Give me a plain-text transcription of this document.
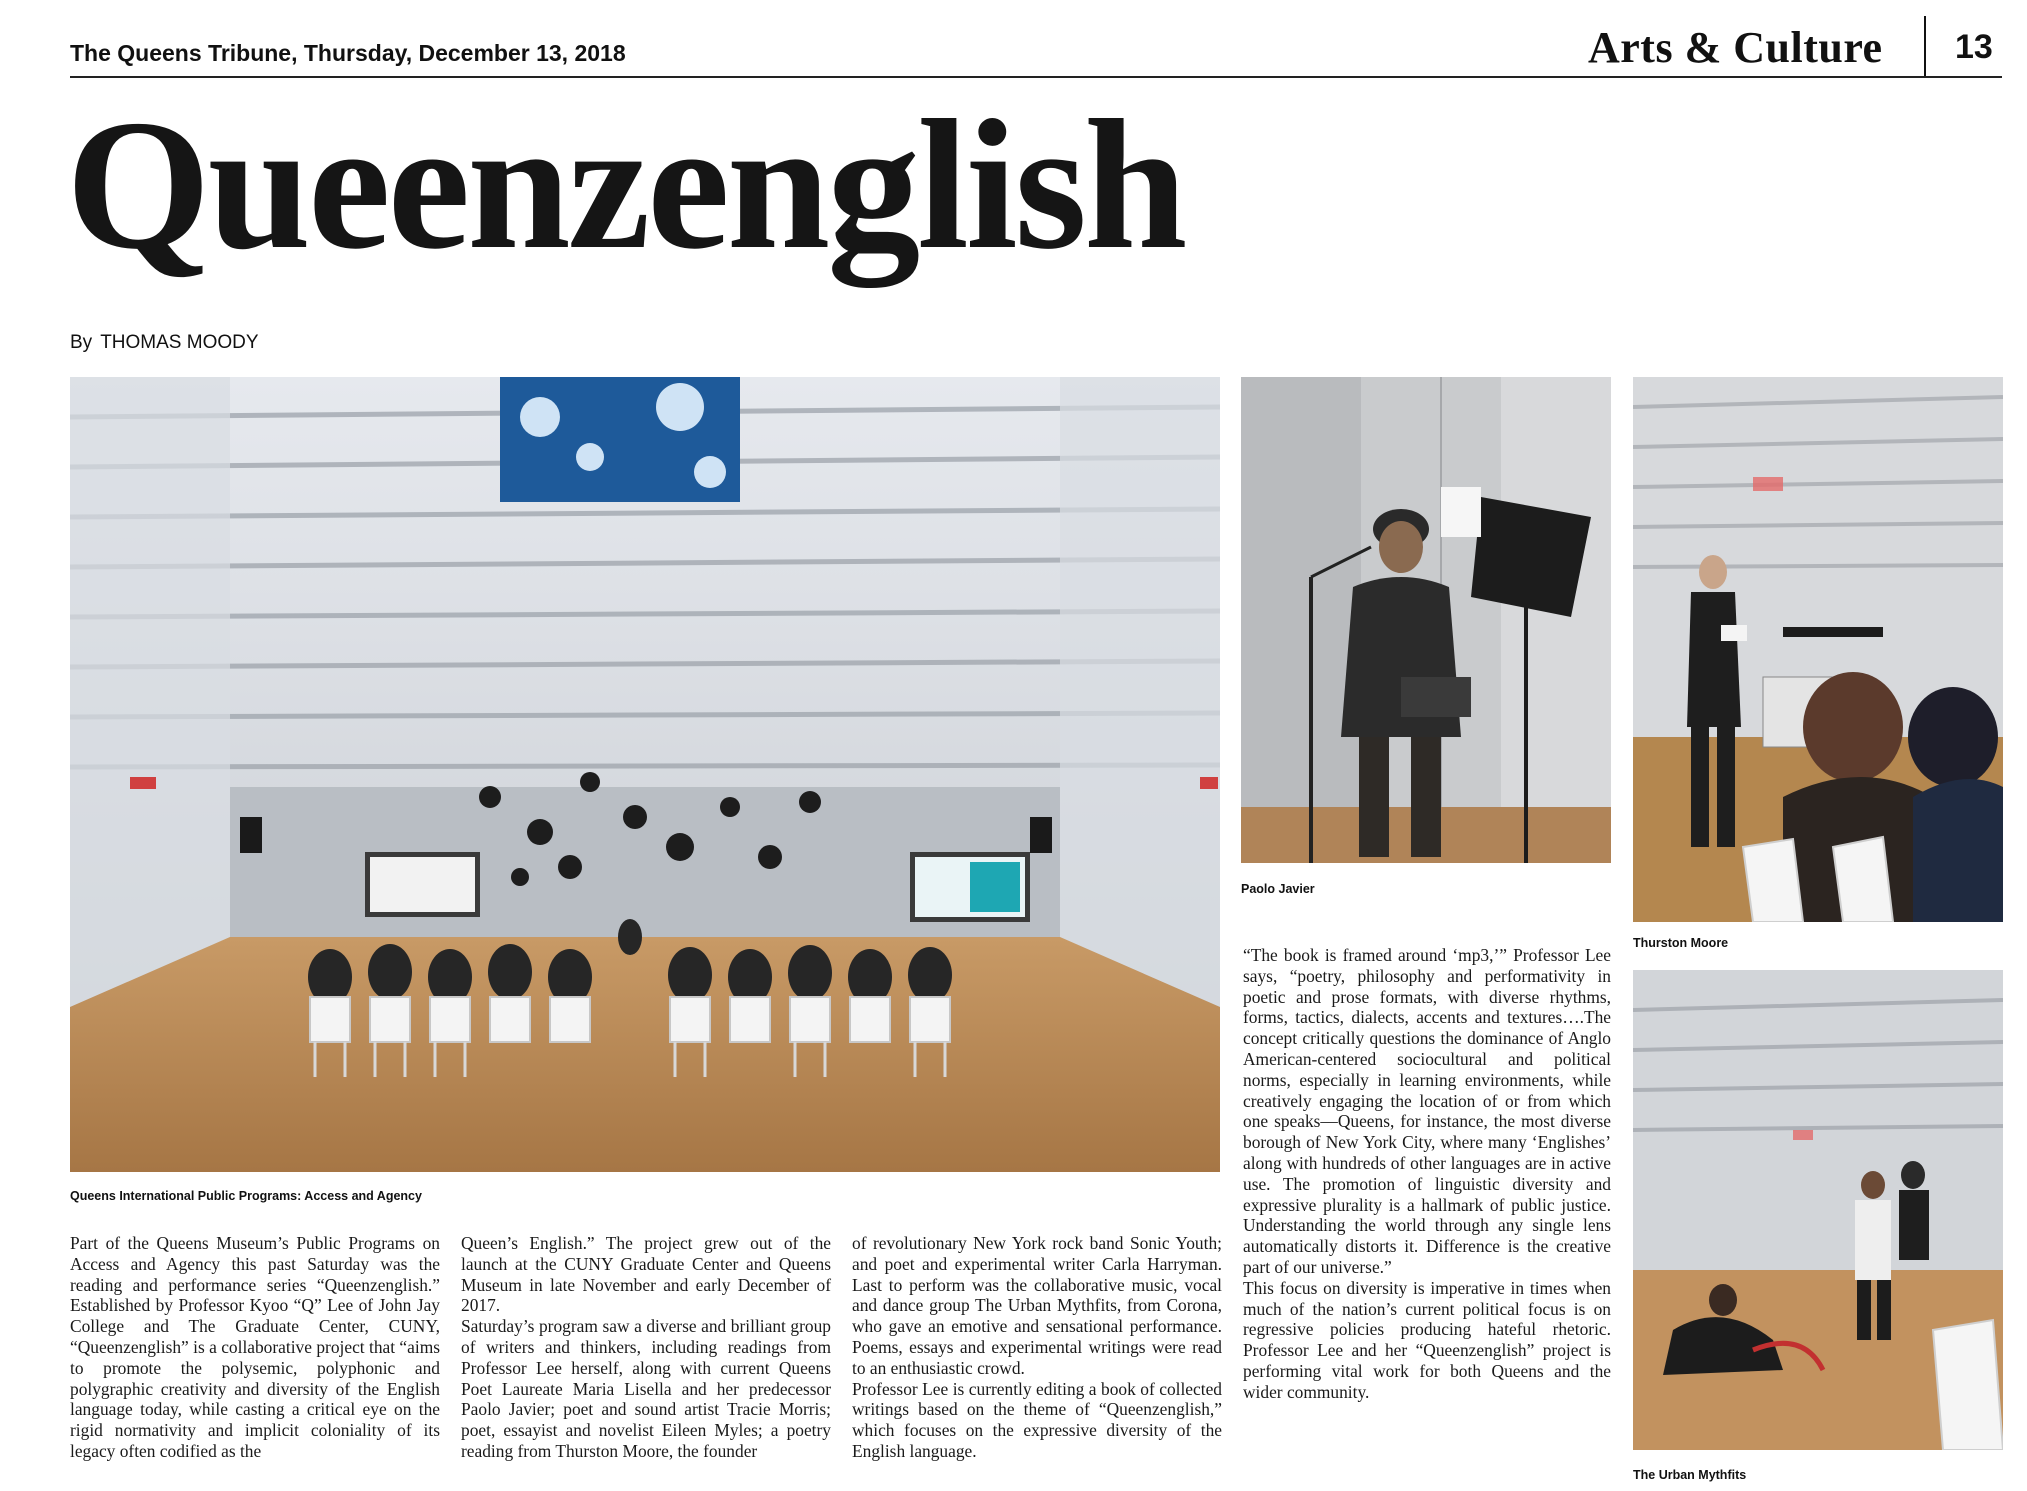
The Queens Tribune, Thursday, December 13, 2018	Arts & Culture 13
Queenzenglish
By THOMAS MOODY
Queens International Public Programs: Access and Agency
Paolo Javier
Thurston Moore
The Urban Mythfits

Part of the Queens Museum’s Public Programs on Access and Agency this past Saturday was the reading and performance series “Queenzenglish.” Established by Professor Kyoo “Q” Lee of John Jay College and The Graduate Center, CUNY, “Queenzenglish” is a collaborative project that “aims to promote the polysemic, polyphonic and polygraphic creativity and diversity of the English language today, while casting a critical eye on the rigid normativity and implicit coloniality of its legacy often codified as the

Queen’s English.” The project grew out of the launch at the CUNY Graduate Center and Queens Museum in late November and early December of 2017.

Saturday’s program saw a diverse and brilliant group of writers and thinkers, including readings from Professor Lee herself, along with current Queens Poet Laureate Maria Lisella and her predecessor Paolo Javier; poet and sound artist Tracie Morris; poet, essayist and novelist Eileen Myles; a poetry reading from Thurston Moore, the founder

of revolutionary New York rock band Sonic Youth; and poet and experimental writer Carla Harryman. Last to perform was the collaborative music, vocal and dance group The Urban Mythfits, from Corona, who gave an emotive and sensational performance. Poems, essays and experimental writings were read to an enthusiastic crowd.

Professor Lee is currently editing a book of collected writings based on the theme of “Queenzenglish,” which focuses on the expressive diversity of the English language.

“The book is framed around ‘mp3,’” Professor Lee says, “poetry, philosophy and performativity in poetic and prose formats, with diverse rhythms, forms, tactics, dialects, accents and textures….The concept critically questions the dominance of Anglo American-centered sociocultural and political norms, especially in learning environments, while creatively engaging the location of or from which one speaks—Queens, for instance, the most diverse borough of New York City, where many ‘Englishes’ along with hundreds of other languages are in active use. The promotion of linguistic diversity and expressive plurality is a hallmark of public justice. Understanding the world through any single lens automatically distorts it. Difference is the creative part of our universe.”

This focus on diversity is imperative in times when much of the nation’s current political focus is on regressive policies producing hateful rhetoric. Professor Lee and her “Queenzenglish” project is performing vital work for both Queens and the wider community.
